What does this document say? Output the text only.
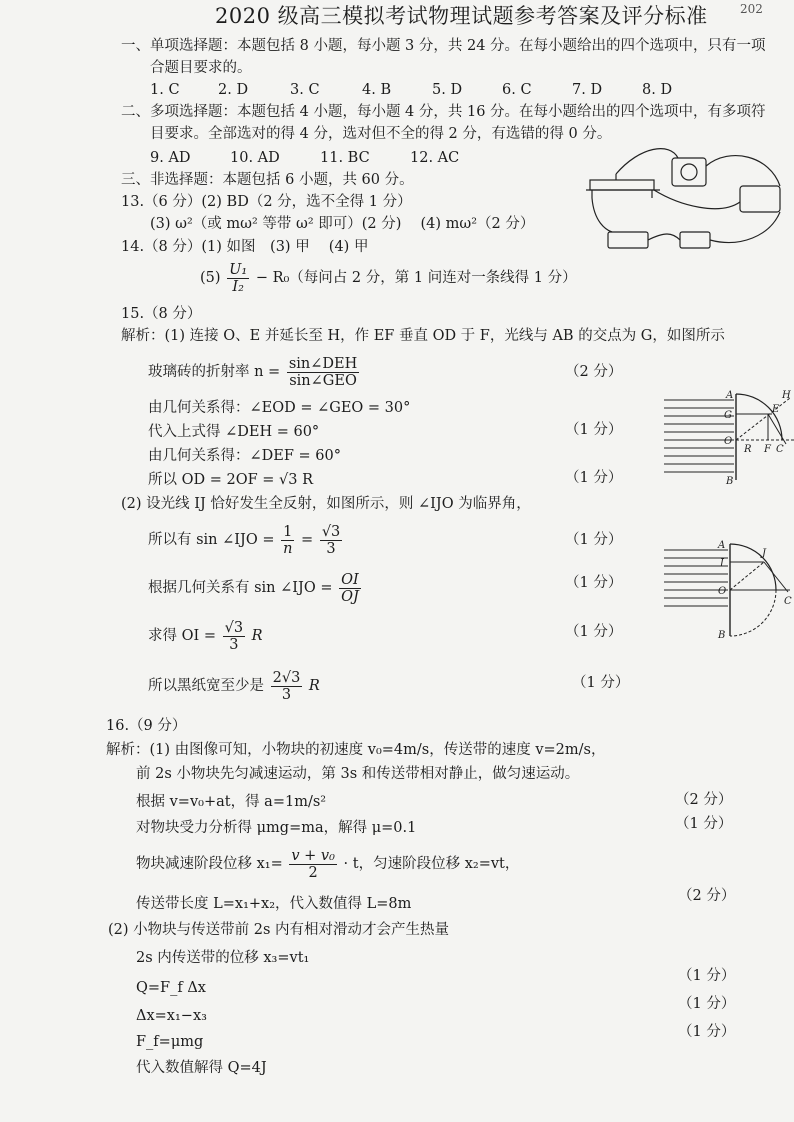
2020 级高三模拟考试物理试题参考答案及评分标准	202
一、单项选择题：本题包括 8 小题，每小题 3 分，共 24 分。在每小题给出的四个选项中，只有一项
合题目要求的。
1. C	2. D	3. C	4. B	5. D	6. C	7. D	8. D
二、多项选择题：本题包括 4 小题，每小题 4 分，共 16 分。在每小题给出的四个选项中，有多项符
目要求。全部选对的得 4 分，选对但不全的得 2 分，有选错的得 0 分。
9. AD	10. AD	11. BC	12. AC
三、非选择题：本题包括 6 小题，共 60 分。
13.（6 分）(2) BD（2 分，选不全得 1 分）
(3) ω²（或 mω² 等带 ω² 即可）(2 分)　 (4) mω²（2 分）
14.（8 分）(1) 如图　(3) 甲　 (4) 甲
$(5) \frac{\text{U₁}}{\text{I₂}} - R_0$（每问占 2 分，第 1 问连对一条线得 1 分）
15.（8 分）
解析：(1) 连接 O、E 并延长至 H，作 EF 垂直 OD 于 F，光线与 AB 的交点为 G，如图所示
玻璃砖的折射率 $n = \frac{\text{sin∠DEH}}{\text{sin∠GEO}}$	（2 分）
由几何关系得：∠EOD = ∠GEO = 30°
代入上式得 ∠DEH = 60°	（1 分）
由几何关系得：∠DEF = 60°
所以 OD = 2OF = √3 R	（1 分）
(2) 设光线 IJ 恰好发生全反射，如图所示，则 ∠IJO 为临界角，
所以有 sin ∠IJO = $\frac{1}{n} = \frac{√3}{3}$	（1 分）
根据几何关系有 sin ∠IJO = $\frac{OI}{OJ}$	（1 分）
求得 OI = $\frac{√3}{3}$ R	（1 分）
所以黑纸宽至少是 $\frac{2√3}{3}$ R	（1 分）
A
G
O
B
R F C
E
H
A
I
O
B
J
C
16.（9 分）
解析：(1) 由图像可知，小物块的初速度 v₀=4m/s，传送带的速度 v=2m/s，
前 2s 小物块先匀减速运动，第 3s 和传送带相对静止，做匀速运动。
根据 v=v₀+at，得 a=1m/s²	（2 分）
对物块受力分析得 μmg=ma，解得 μ=0.1	（1 分）
物块减速阶段位移 $x_1= \frac{\text{v + v₀}}{2} \cdot t$，匀速阶段位移 x₂=vt，
传送带长度 L=x₁+x₂，代入数值得 L=8m	（2 分）
(2) 小物块与传送带前 2s 内有相对滑动才会产生热量
2s 内传送带的位移 x₃=vt₁
Q=F_f Δx
（1 分）
Δx=x₁−x₃
（1 分）
F_f=μmg
（1 分）
代入数值解得 Q=4J
